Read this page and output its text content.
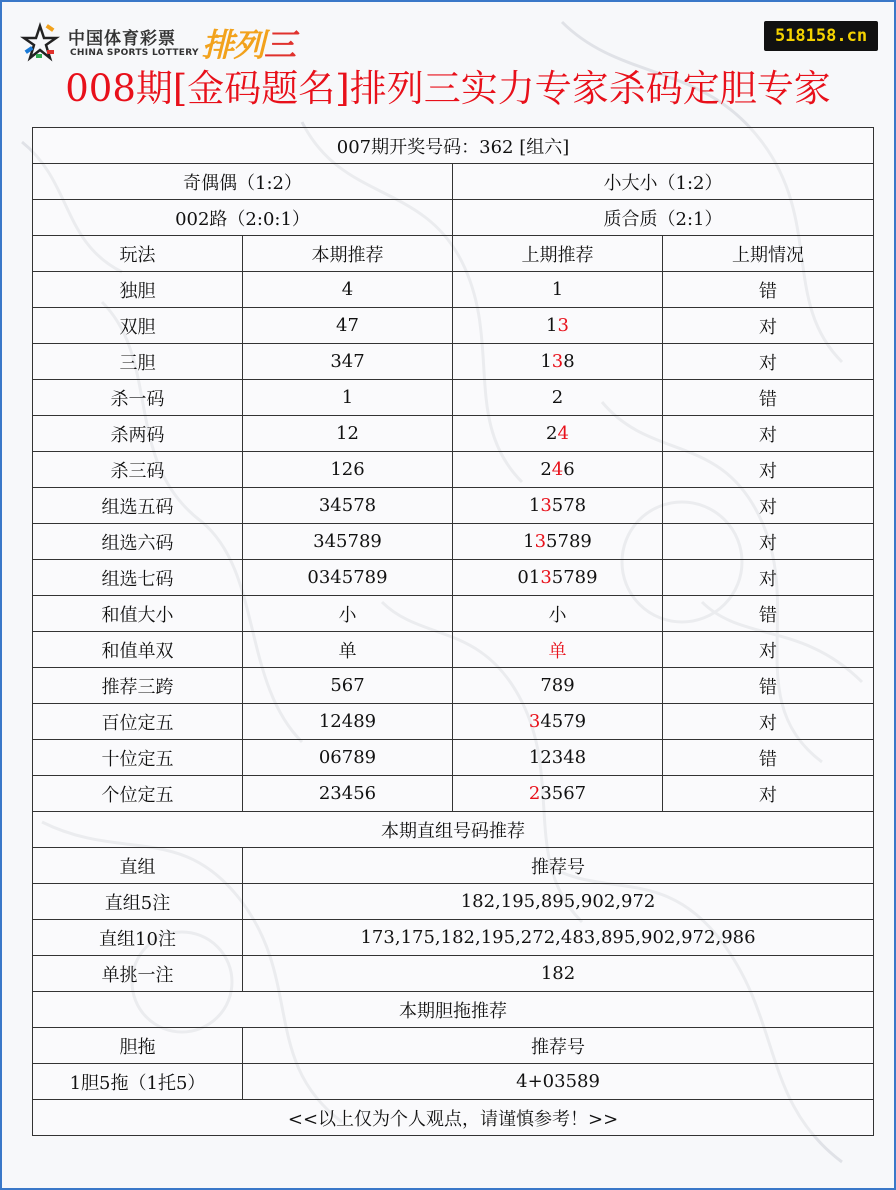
中国体育彩票
CHINA SPORTS LOTTERY 排列三	518158.cn
008期[金码题名]排列三实力专家杀码定胆专家
007期开奖号码：362 [组六]			
奇偶偶（1:2）		小大小（1:2）	
002路（2:0:1）		质合质（2:1）	
玩法	本期推荐	上期推荐	上期情况
独胆	4	1	错
双胆	47	13	对
三胆	347	138	对
杀一码	1	2	错
杀两码	12	24	对
杀三码	126	246	对
组选五码	34578	13578	对
组选六码	345789	135789	对
组选七码	0345789	0135789	对
和值大小	小	小	错
和值单双	单	单	对
推荐三跨	567	789	错
百位定五	12489	34579	对
十位定五	06789	12348	错
个位定五	23456	23567	对
本期直组号码推荐			
直组	推荐号		
直组5注	182,195,895,902,972		
直组10注	173,175,182,195,272,483,895,902,972,986		
单挑一注	182		
本期胆拖推荐			
胆拖	推荐号		
1胆5拖（1托5）	4+03589		
<<以上仅为个人观点，请谨慎参考！>>			
